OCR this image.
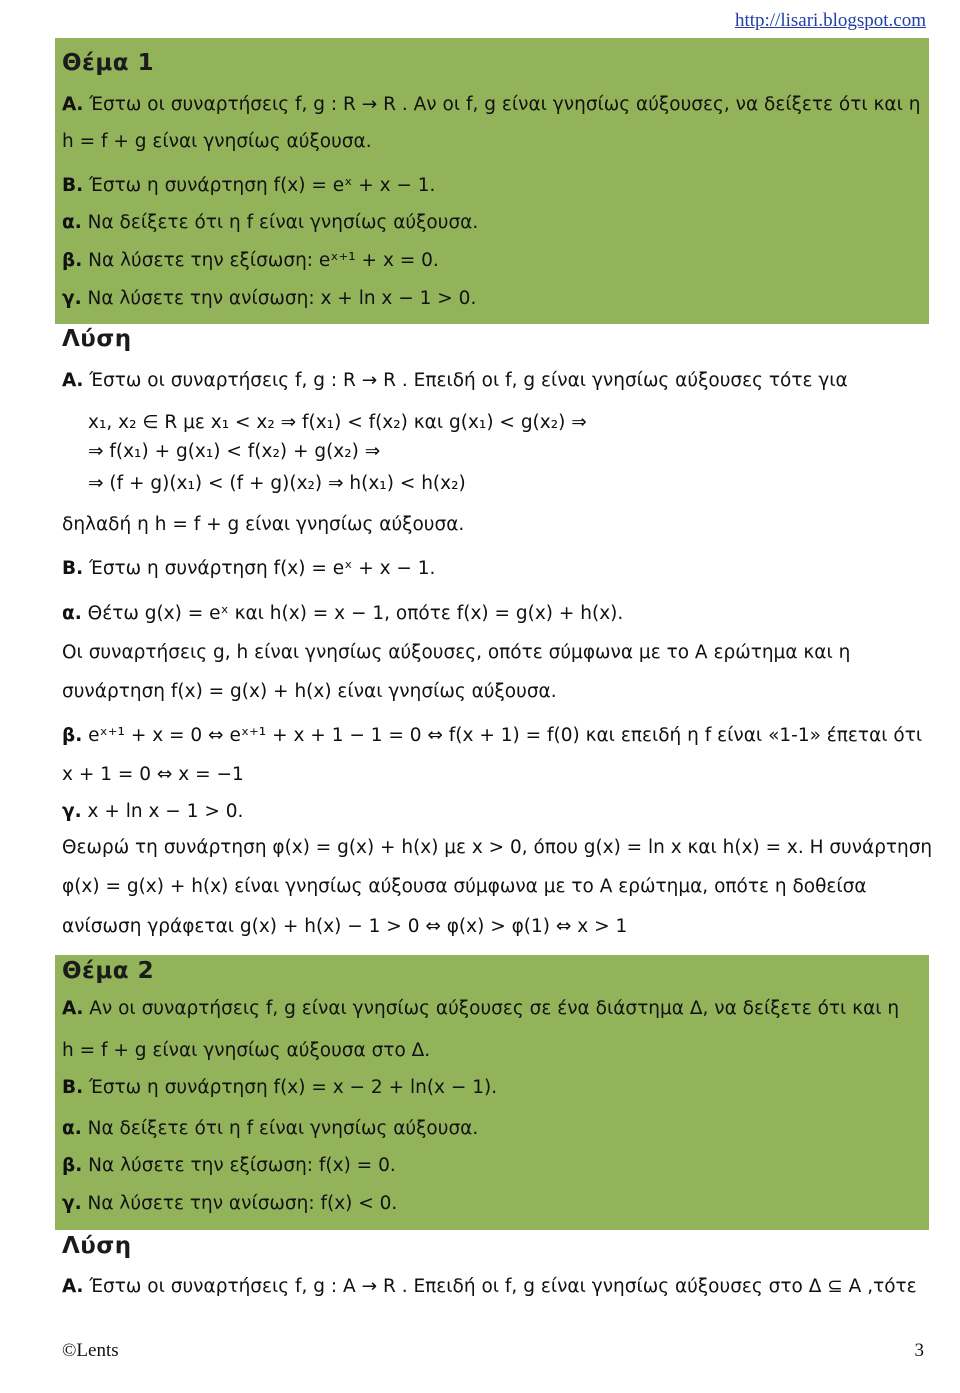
http://lisari.blogspot.com
Θέμα 1
Α. Έστω οι συναρτήσεις f, g : R → R . Αν οι f, g είναι γνησίως αύξουσες, να δείξετε ότι και η
h = f + g είναι γνησίως αύξουσα.
Β. Έστω η συνάρτηση f(x) = eˣ + x − 1.
α. Να δείξετε ότι η f είναι γνησίως αύξουσα.
β. Να λύσετε την εξίσωση: eˣ⁺¹ + x = 0.
γ. Να λύσετε την ανίσωση: x + ln x − 1 > 0.
Λύση
Α. Έστω οι συναρτήσεις f, g : R → R . Επειδή οι f, g είναι γνησίως αύξουσες τότε για
x₁, x₂ ∈ R με x₁ < x₂ ⇒ f(x₁) < f(x₂) και g(x₁) < g(x₂) ⇒
⇒ f(x₁) + g(x₁) < f(x₂) + g(x₂) ⇒
⇒ (f + g)(x₁) < (f + g)(x₂) ⇒ h(x₁) < h(x₂)
δηλαδή η h = f + g είναι γνησίως αύξουσα.
Β. Έστω η συνάρτηση f(x) = eˣ + x − 1.
α. Θέτω g(x) = eˣ και h(x) = x − 1, οπότε f(x) = g(x) + h(x).
Οι συναρτήσεις g, h είναι γνησίως αύξουσες, οπότε σύμφωνα με το Α ερώτημα και η
συνάρτηση f(x) = g(x) + h(x) είναι γνησίως αύξουσα.
β. eˣ⁺¹ + x = 0 ⇔ eˣ⁺¹ + x + 1 − 1 = 0 ⇔ f(x + 1) = f(0) και επειδή η f είναι «1-1» έπεται ότι
x + 1 = 0 ⇔ x = −1
γ. x + ln x − 1 > 0.
Θεωρώ τη συνάρτηση φ(x) = g(x) + h(x) με x > 0, όπου g(x) = ln x και h(x) = x. Η συνάρτηση
φ(x) = g(x) + h(x) είναι γνησίως αύξουσα σύμφωνα με το Α ερώτημα, οπότε η δοθείσα
ανίσωση γράφεται g(x) + h(x) − 1 > 0 ⇔ φ(x) > φ(1) ⇔ x > 1
Θέμα 2
Α. Αν οι συναρτήσεις f, g είναι γνησίως αύξουσες σε ένα διάστημα Δ, να δείξετε ότι και η
h = f + g είναι γνησίως αύξουσα στο Δ.
Β. Έστω η συνάρτηση f(x) = x − 2 + ln(x − 1).
α. Να δείξετε ότι η f είναι γνησίως αύξουσα.
β. Να λύσετε την εξίσωση: f(x) = 0.
γ. Να λύσετε την ανίσωση: f(x) < 0.
Λύση
Α. Έστω οι συναρτήσεις f, g : A → R . Επειδή οι f, g είναι γνησίως αύξουσες στο Δ ⊆ A ,τότε
©Lents	3
